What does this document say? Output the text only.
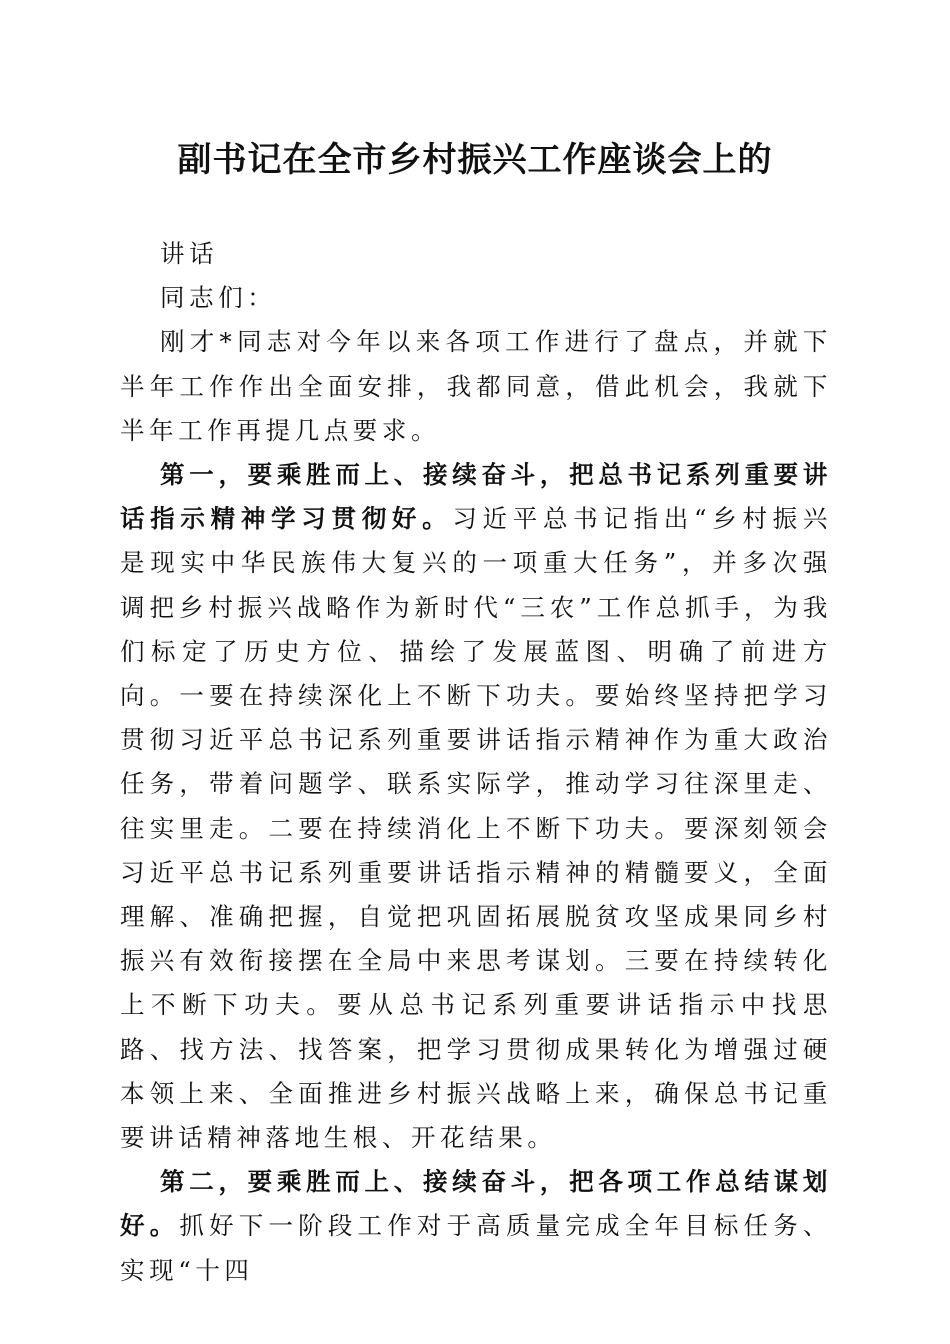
副书记在全市乡村振兴工作座谈会上的

讲话

同志们：

刚才*同志对今年以来各项工作进行了盘点，并就下半年工作作出全面安排，我都同意，借此机会，我就下半年工作再提几点要求。

第一，要乘胜而上、接续奋斗，把总书记系列重要讲话指示精神学习贯彻好。习近平总书记指出“乡村振兴是现实中华民族伟大复兴的一项重大任务”，并多次强调把乡村振兴战略作为新时代“三农”工作总抓手，为我们标定了历史方位、描绘了发展蓝图、明确了前进方向。一要在持续深化上不断下功夫。要始终坚持把学习贯彻习近平总书记系列重要讲话指示精神作为重大政治任务，带着问题学、联系实际学，推动学习往深里走、往实里走。二要在持续消化上不断下功夫。要深刻领会习近平总书记系列重要讲话指示精神的精髓要义，全面理解、准确把握，自觉把巩固拓展脱贫攻坚成果同乡村振兴有效衔接摆在全局中来思考谋划。三要在持续转化上不断下功夫。要从总书记系列重要讲话指示中找思路、找方法、找答案，把学习贯彻成果转化为增强过硬本领上来、全面推进乡村振兴战略上来，确保总书记重要讲话精神落地生根、开花结果。

第二，要乘胜而上、接续奋斗，把各项工作总结谋划好。抓好下一阶段工作对于高质量完成全年目标任务、实现“十四
